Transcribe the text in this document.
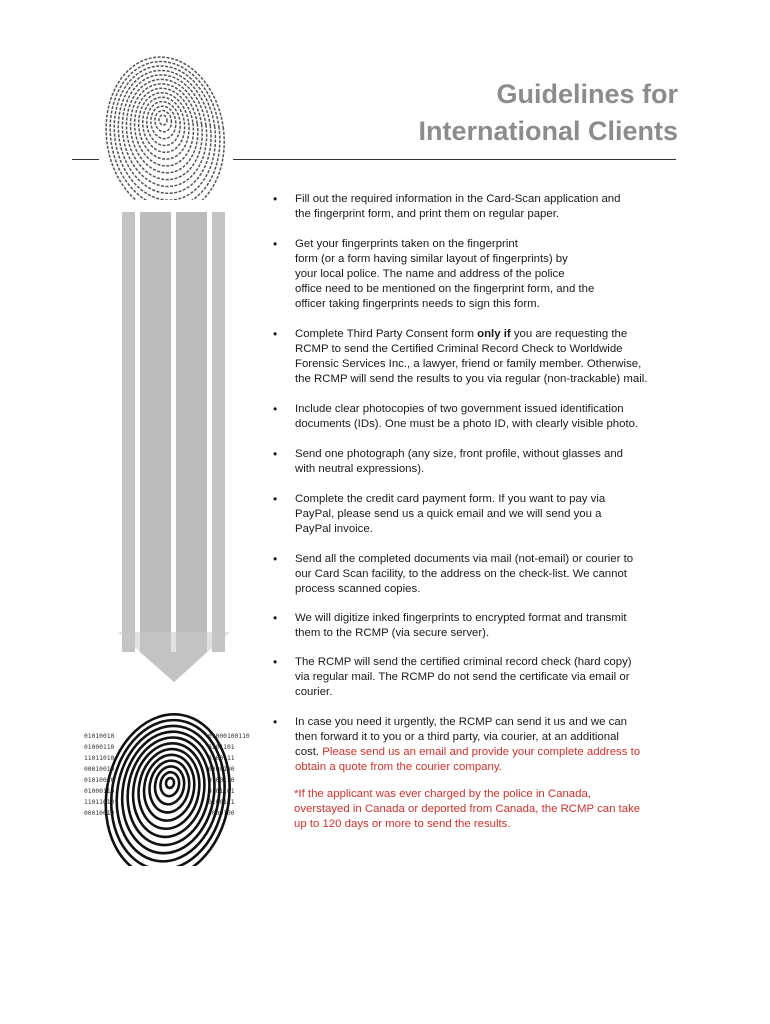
Guidelines for
International Clients
01010010
01000110
11011010
00010010
01010010
01000110
11011010
00010010
01000100110
0101101
0100111
0000100
0100110
0101101
0100111
1000100
• Fill out the required information in the Card-Scan application and
the fingerprint form, and print them on regular paper.
• Get your fingerprints taken on the fingerprint
form (or a form having similar layout of fingerprints) by
your local police. The name and address of the police
office need to be mentioned on the fingerprint form, and the
officer taking fingerprints needs to sign this form.
• Complete Third Party Consent form only if you are requesting the
RCMP to send the Certified Criminal Record Check to Worldwide
Forensic Services Inc., a lawyer, friend or family member. Otherwise,
the RCMP will send the results to you via regular (non-trackable) mail.
• Include clear photocopies of two government issued identification
documents (IDs). One must be a photo ID, with clearly visible photo.
• Send one photograph (any size, front profile, without glasses and
with neutral expressions).
• Complete the credit card payment form. If you want to pay via
PayPal, please send us a quick email and we will send you a
PayPal invoice.
• Send all the completed documents via mail (not-email) or courier to
our Card Scan facility, to the address on the check-list. We cannot
process scanned copies.
• We will digitize inked fingerprints to encrypted format and transmit
them to the RCMP (via secure server).
• The RCMP will send the certified criminal record check (hard copy)
via regular mail. The RCMP do not send the certificate via email or
courier.
• In case you need it urgently, the RCMP can send it us and we can
then forward it to you or a third party, via courier, at an additional
cost. Please send us an email and provide your complete address to
obtain a quote from the courier company.
*If the applicant was ever charged by the police in Canada,
overstayed in Canada or deported from Canada, the RCMP can take
up to 120 days or more to send the results.
